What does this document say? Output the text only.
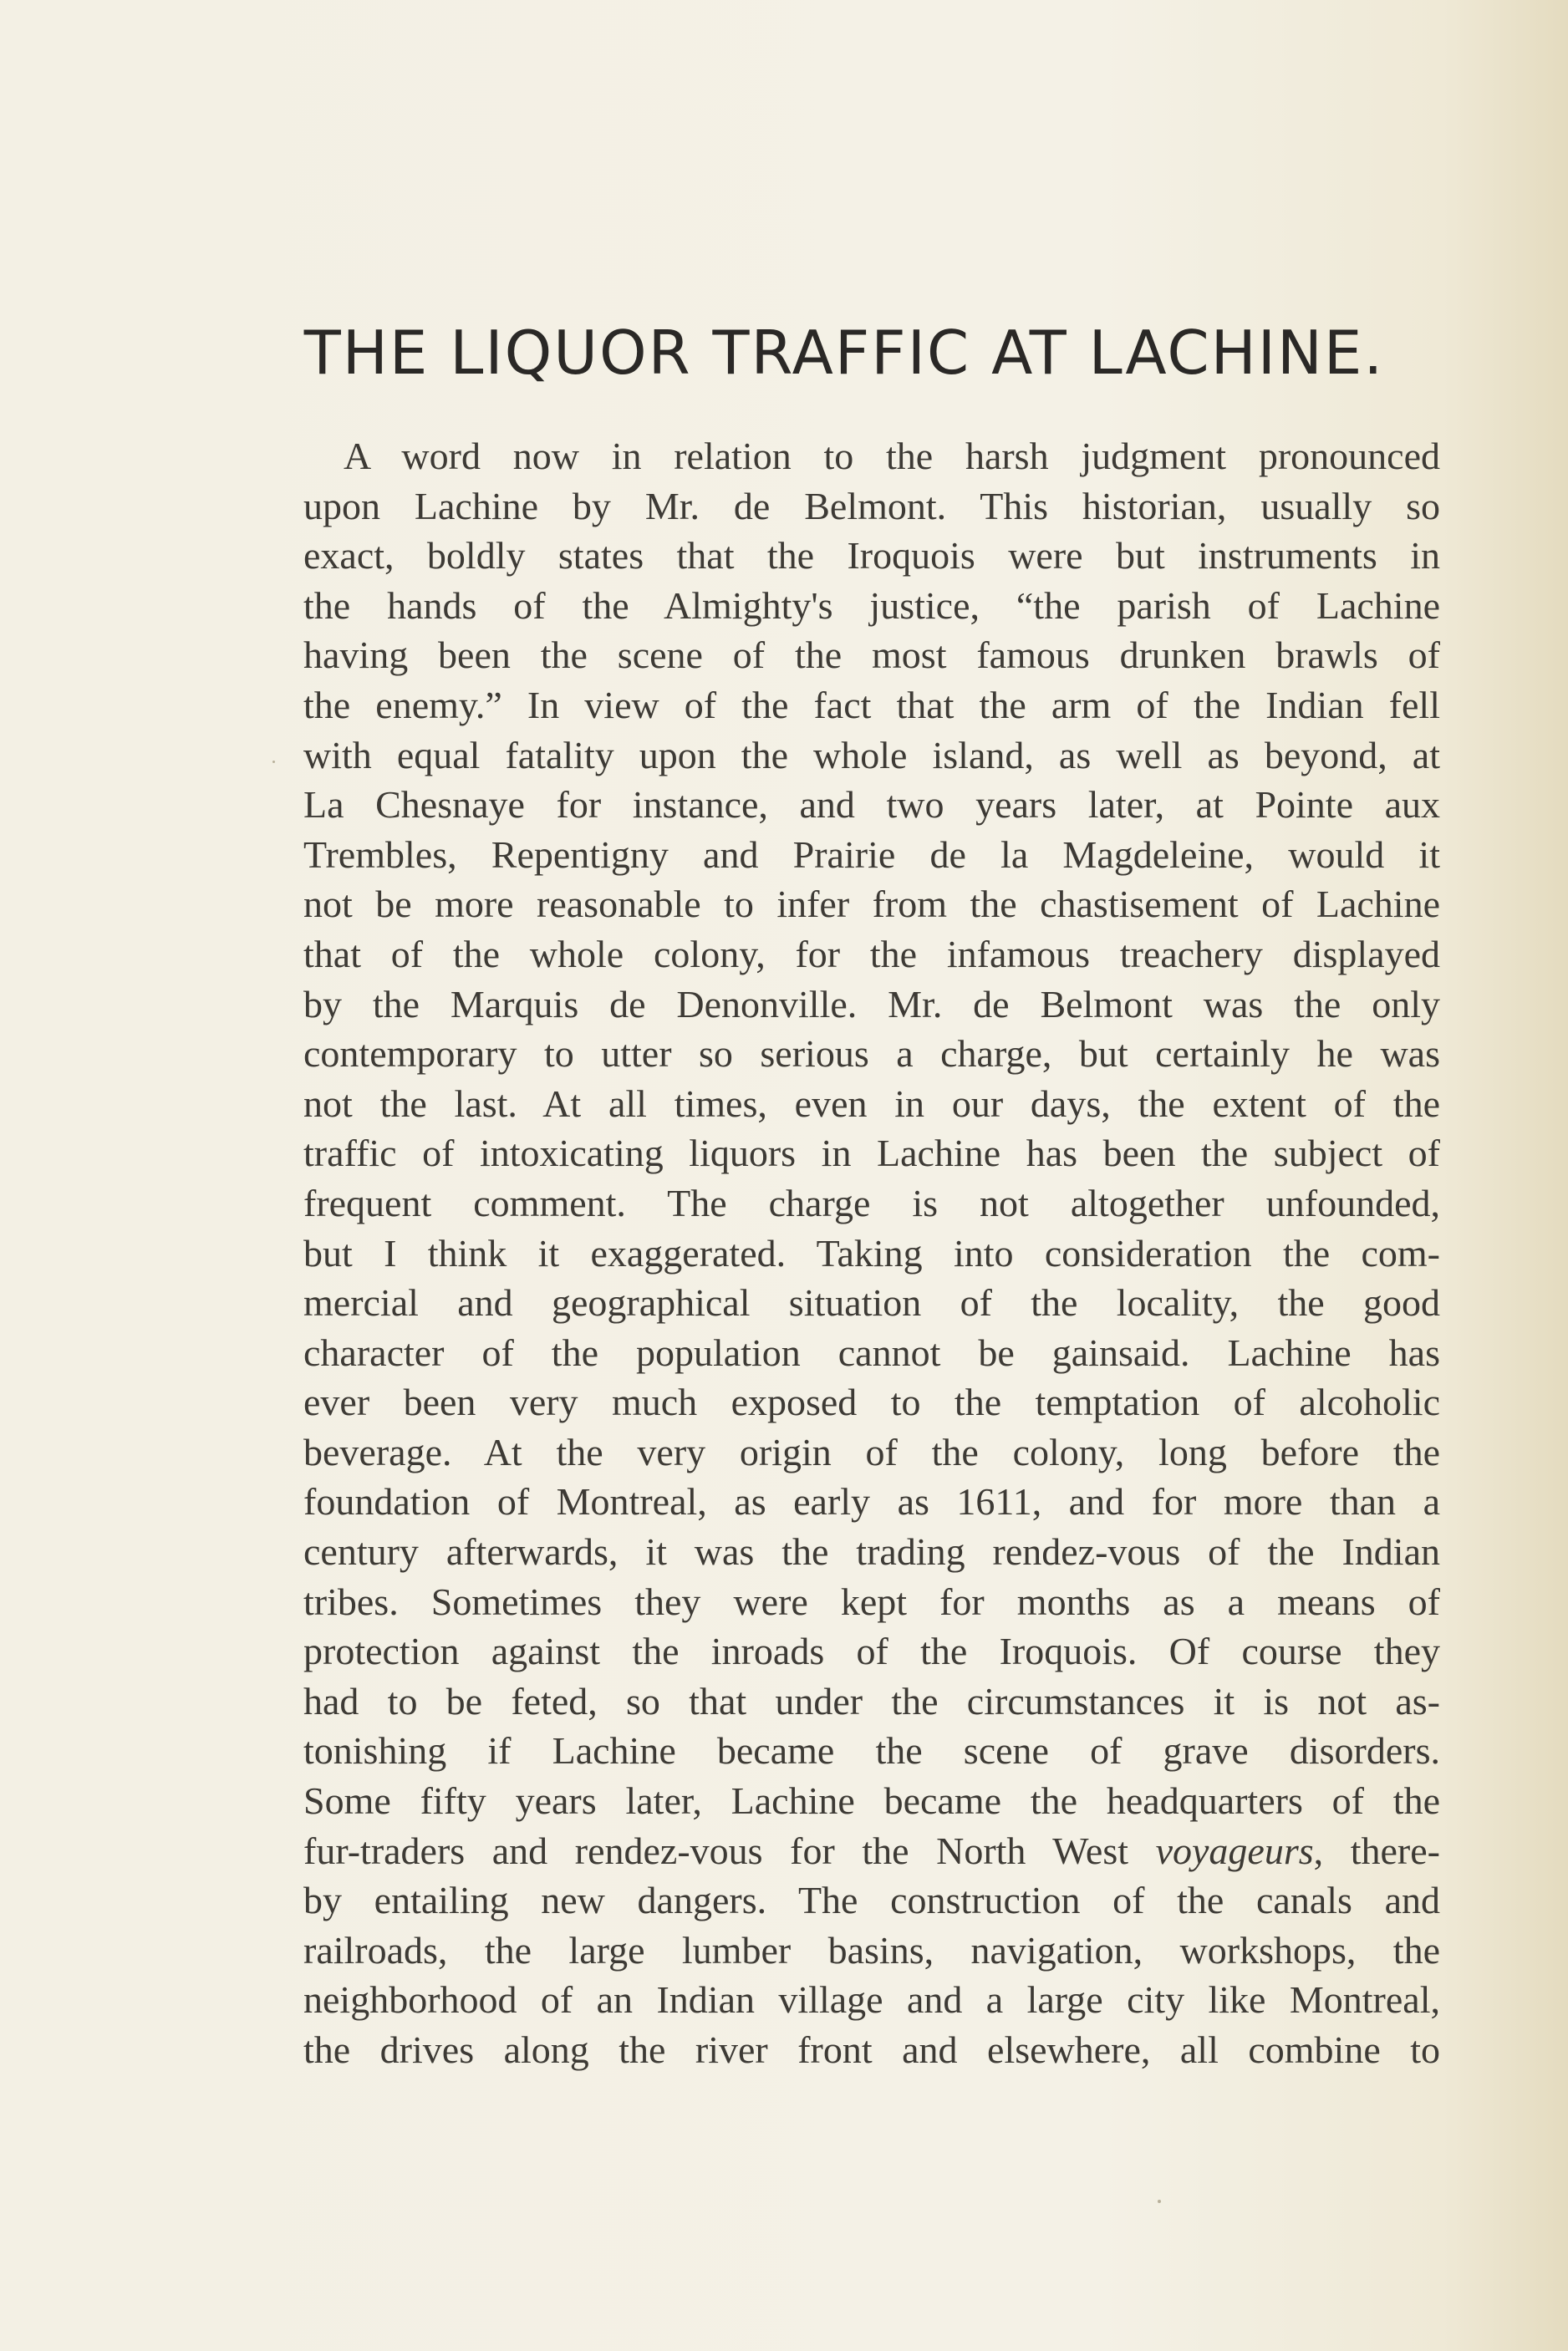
THE LIQUOR TRAFFIC AT LACHINE.
A word now in relation to the harsh judgment pronounced
upon Lachine by Mr. de Belmont. This historian, usually so
exact, boldly states that the Iroquois were but instruments in
the hands of the Almighty's justice, “the parish of Lachine
having been the scene of the most famous drunken brawls of
the enemy.” In view of the fact that the arm of the Indian fell
with equal fatality upon the whole island, as well as beyond, at
La Chesnaye for instance, and two years later, at Pointe aux
Trembles, Repentigny and Prairie de la Magdeleine, would it
not be more reasonable to infer from the chastisement of Lachine
that of the whole colony, for the infamous treachery displayed
by the Marquis de Denonville. Mr. de Belmont was the only
contemporary to utter so serious a charge, but certainly he was
not the last. At all times, even in our days, the extent of the
traffic of intoxicating liquors in Lachine has been the subject of
frequent comment. The charge is not altogether unfounded,
but I think it exaggerated. Taking into consideration the com-
mercial and geographical situation of the locality, the good
character of the population cannot be gainsaid. Lachine has
ever been very much exposed to the temptation of alcoholic
beverage. At the very origin of the colony, long before the
foundation of Montreal, as early as 1611, and for more than a
century afterwards, it was the trading rendez-vous of the Indian
tribes. Sometimes they were kept for months as a means of
protection against the inroads of the Iroquois. Of course they
had to be feted, so that under the circumstances it is not as-
tonishing if Lachine became the scene of grave disorders.
Some fifty years later, Lachine became the headquarters of the
fur-traders and rendez-vous for the North West voyageurs, there-
by entailing new dangers. The construction of the canals and
railroads, the large lumber basins, navigation, workshops, the
neighborhood of an Indian village and a large city like Montreal,
the drives along the river front and elsewhere, all combine to
